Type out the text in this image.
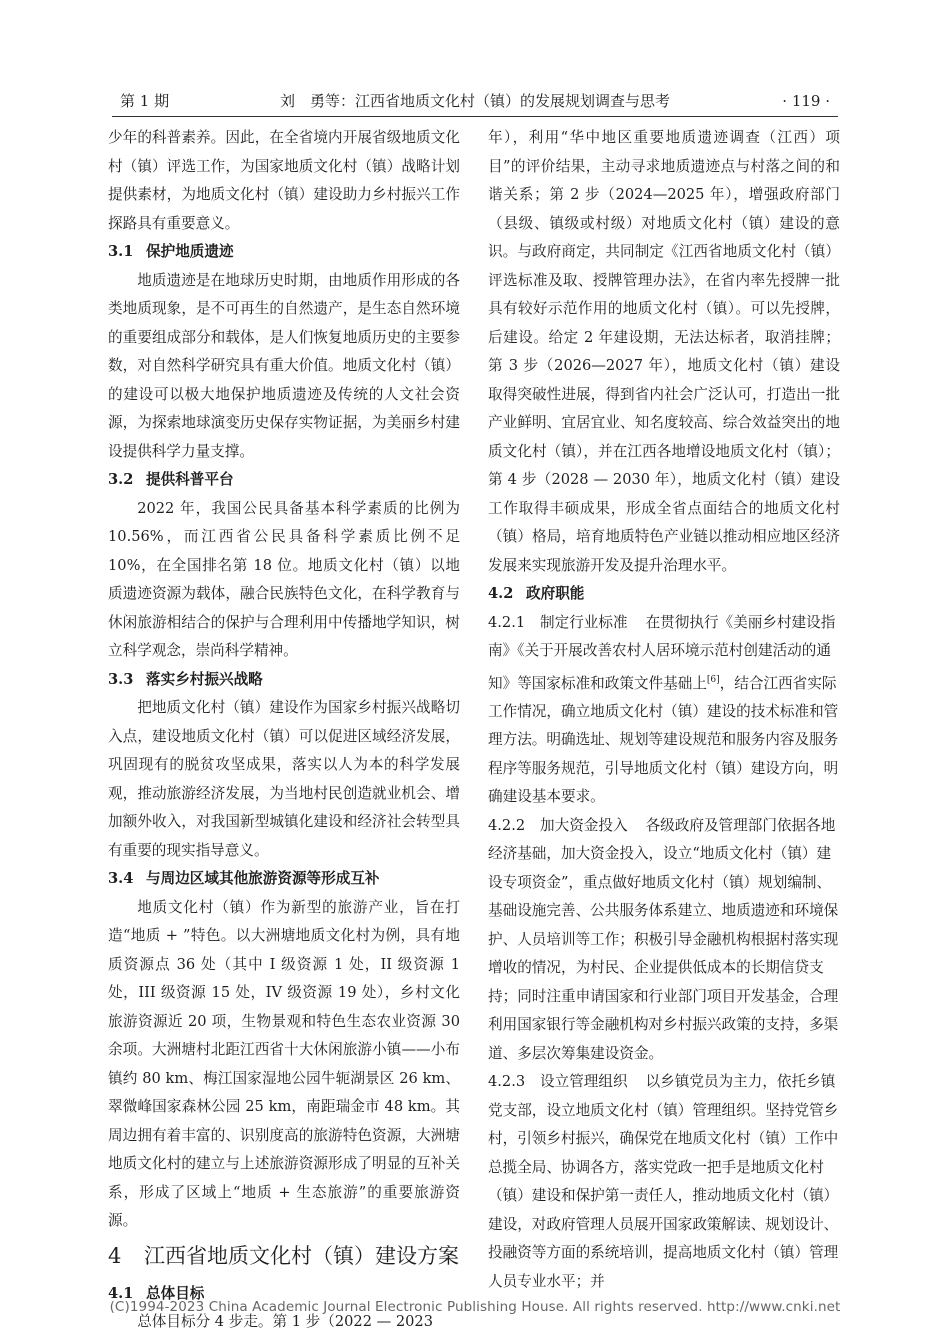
第 1 期	刘　勇等：江西省地质文化村（镇）的发展规划调查与思考	· 119 ·

少年的科普素养。因此，在全省境内开展省级地质文化村（镇）评选工作，为国家地质文化村（镇）战略计划提供素材，为地质文化村（镇）建设助力乡村振兴工作探路具有重要意义。

3.1 保护地质遗迹

地质遗迹是在地球历史时期，由地质作用形成的各类地质现象，是不可再生的自然遗产，是生态自然环境的重要组成部分和载体，是人们恢复地质历史的主要参数，对自然科学研究具有重大价值。地质文化村（镇）的建设可以极大地保护地质遗迹及传统的人文社会资源，为探索地球演变历史保存实物证据，为美丽乡村建设提供科学力量支撑。

3.2 提供科普平台

2022 年，我国公民具备基本科学素质的比例为 10.56%，而江西省公民具备科学素质比例不足 10%，在全国排名第 18 位。地质文化村（镇）以地质遗迹资源为载体，融合民族特色文化，在科学教育与休闲旅游相结合的保护与合理利用中传播地学知识，树立科学观念，崇尚科学精神。

3.3 落实乡村振兴战略

把地质文化村（镇）建设作为国家乡村振兴战略切入点，建设地质文化村（镇）可以促进区域经济发展，巩固现有的脱贫攻坚成果，落实以人为本的科学发展观，推动旅游经济发展，为当地村民创造就业机会、增加额外收入，对我国新型城镇化建设和经济社会转型具有重要的现实指导意义。

3.4 与周边区域其他旅游资源等形成互补

地质文化村（镇）作为新型的旅游产业，旨在打造“地质 + ”特色。以大洲塘地质文化村为例，具有地质资源点 36 处（其中 I 级资源 1 处，II 级资源 1 处，III 级资源 15 处，IV 级资源 19 处），乡村文化旅游资源近 20 项，生物景观和特色生态农业资源 30 余项。大洲塘村北距江西省十大休闲旅游小镇——小布镇约 80 km、梅江国家湿地公园牛轭湖景区 26 km、翠微峰国家森林公园 25 km，南距瑞金市 48 km。其周边拥有着丰富的、识别度高的旅游特色资源，大洲塘地质文化村的建立与上述旅游资源形成了明显的互补关系，形成了区域上“地质 + 生态旅游”的重要旅游资源。

4 江西省地质文化村（镇）建设方案
4.1 总体目标

总体目标分 4 步走。第 1 步（2022 — 2023

年），利用“华中地区重要地质遗迹调查（江西）项目”的评价结果，主动寻求地质遗迹点与村落之间的和谐关系；第 2 步（2024—2025 年），增强政府部门（县级、镇级或村级）对地质文化村（镇）建设的意识。与政府商定，共同制定《江西省地质文化村（镇）评选标准及取、授牌管理办法》，在省内率先授牌一批具有较好示范作用的地质文化村（镇）。可以先授牌，后建设。给定 2 年建设期，无法达标者，取消挂牌；第 3 步（2026—2027 年），地质文化村（镇）建设取得突破性进展，得到省内社会广泛认可，打造出一批产业鲜明、宜居宜业、知名度较高、综合效益突出的地质文化村（镇），并在江西各地增设地质文化村（镇）；第 4 步（2028 — 2030 年），地质文化村（镇）建设工作取得丰硕成果，形成全省点面结合的地质文化村（镇）格局，培育地质特色产业链以推动相应地区经济发展来实现旅游开发及提升治理水平。

4.2 政府职能

4.2.1 制定行业标准 在贯彻执行《美丽乡村建设指南》《关于开展改善农村人居环境示范村创建活动的通知》等国家标准和政策文件基础上[6]，结合江西省实际工作情况，确立地质文化村（镇）建设的技术标准和管理方法。明确选址、规划等建设规范和服务内容及服务程序等服务规范，引导地质文化村（镇）建设方向，明确建设基本要求。

4.2.2 加大资金投入 各级政府及管理部门依据各地经济基础，加大资金投入，设立“地质文化村（镇）建设专项资金”，重点做好地质文化村（镇）规划编制、基础设施完善、公共服务体系建立、地质遗迹和环境保护、人员培训等工作；积极引导金融机构根据村落实现增收的情况，为村民、企业提供低成本的长期信贷支持；同时注重申请国家和行业部门项目开发基金，合理利用国家银行等金融机构对乡村振兴政策的支持，多渠道、多层次筹集建设资金。

4.2.3 设立管理组织 以乡镇党员为主力，依托乡镇党支部，设立地质文化村（镇）管理组织。坚持党管乡村，引领乡村振兴，确保党在地质文化村（镇）工作中总揽全局、协调各方，落实党政一把手是地质文化村（镇）建设和保护第一责任人，推动地质文化村（镇）建设，对政府管理人员展开国家政策解读、规划设计、投融资等方面的系统培训，提高地质文化村（镇）管理人员专业水平；并

(C)1994-2023 China Academic Journal Electronic Publishing House. All rights reserved. http://www.cnki.net
